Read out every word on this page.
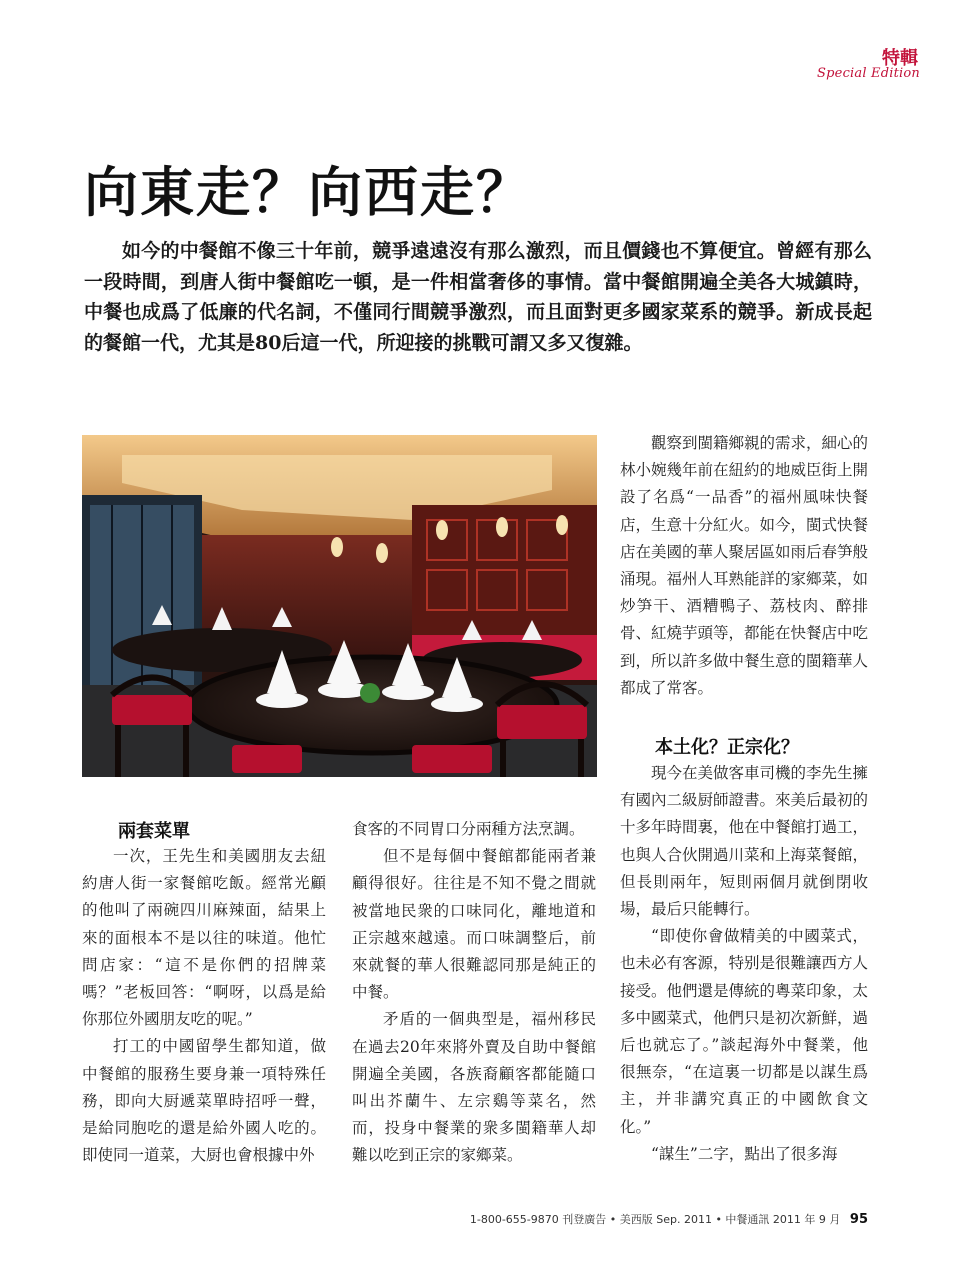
特輯
Special Edition
向東走？向西走？
如今的中餐館不像三十年前，競爭遠遠沒有那么激烈，而且價錢也不算便宜。曾經有那么一段時間，到唐人街中餐館吃一頓，是一件相當奢侈的事情。當中餐館開遍全美各大城鎮時，中餐也成爲了低廉的代名詞，不僅同行間競爭激烈，而且面對更多國家菜系的競爭。新成長起的餐館一代，尤其是80后這一代，所迎接的挑戰可謂又多又復雜。
兩套菜單

一次，王先生和美國朋友去紐約唐人街一家餐館吃飯。經常光顧的他叫了兩碗四川麻辣面，結果上來的面根本不是以往的味道。他忙問店家：“這不是你們的招牌菜嗎？”老板回答：“啊呀，以爲是給你那位外國朋友吃的呢。”

打工的中國留學生都知道，做中餐館的服務生要身兼一項特殊任務，即向大厨遞菜單時招呼一聲，是給同胞吃的還是給外國人吃的。即使同一道菜，大厨也會根據中外

食客的不同胃口分兩種方法烹調。

但不是每個中餐館都能兩者兼顧得很好。往往是不知不覺之間就被當地民衆的口味同化，離地道和正宗越來越遠。而口味調整后，前來就餐的華人很難認同那是純正的中餐。

矛盾的一個典型是，福州移民在過去20年來將外賣及自助中餐館開遍全美國，各族裔顧客都能隨口叫出芥蘭牛、左宗鷄等菜名，然而，投身中餐業的衆多閩籍華人却難以吃到正宗的家鄉菜。

觀察到閩籍鄉親的需求，細心的林小婉幾年前在紐約的地威臣街上開設了名爲“一品香”的福州風味快餐店，生意十分紅火。如今，閩式快餐店在美國的華人聚居區如雨后春笋般涌現。福州人耳熟能詳的家鄉菜，如炒笋干、酒糟鴨子、荔枝肉、醉排骨、紅燒芋頭等，都能在快餐店中吃到，所以許多做中餐生意的閩籍華人都成了常客。

本土化？正宗化？

現今在美做客車司機的李先生擁有國內二級厨師證書。來美后最初的十多年時間裏，他在中餐館打過工，也與人合伙開過川菜和上海菜餐館，但長則兩年，短則兩個月就倒閉收場，最后只能轉行。

“即使你會做精美的中國菜式，也未必有客源，特别是很難讓西方人接受。他們還是傳統的粵菜印象，太多中國菜式，他們只是初次新鮮，過后也就忘了。”談起海外中餐業，他很無奈，“在這裏一切都是以謀生爲主，并非講究真正的中國飲食文化。”

“謀生”二字，點出了很多海

1-800-655-9870 刊登廣告 • 美西版 Sep. 2011 • 中餐通訊 2011 年 9 月 95
